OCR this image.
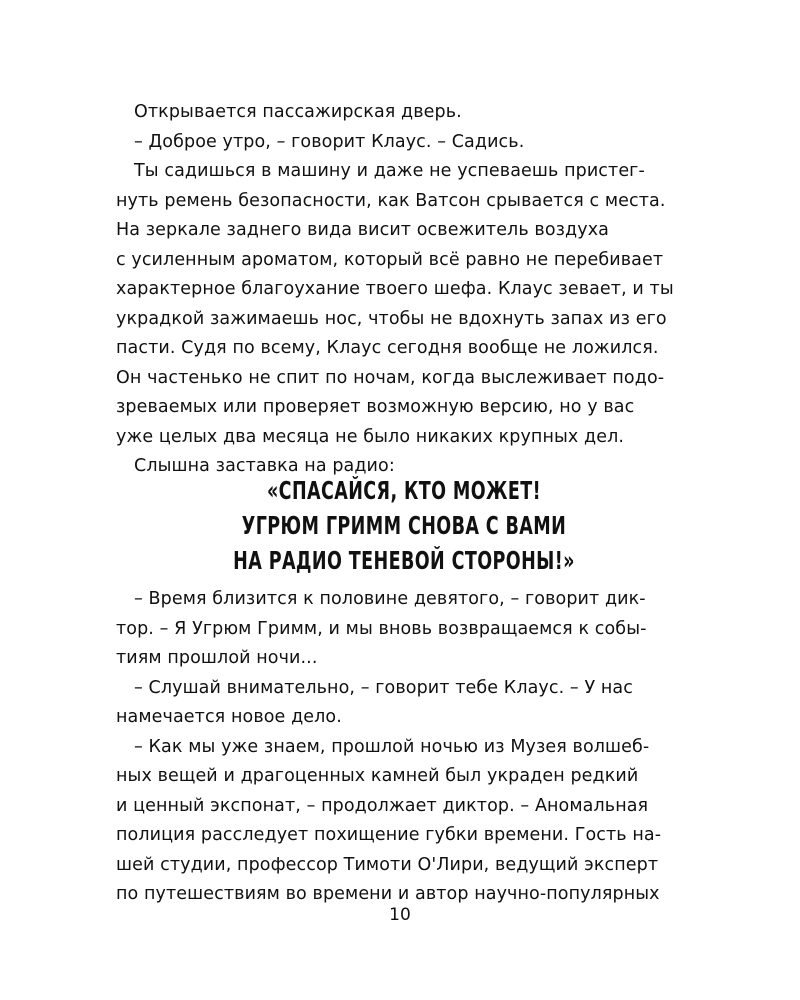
Открывается пассажирская дверь.
– Доброе утро, – говорит Клаус. – Садись.
Ты садишься в машину и даже не успеваешь пристег-
нуть ремень безопасности, как Ватсон срывается с места.
На зеркале заднего вида висит освежитель воздуха
с усиленным ароматом, который всё равно не перебивает
характерное благоухание твоего шефа. Клаус зевает, и ты
украдкой зажимаешь нос, чтобы не вдохнуть запах из его
пасти. Судя по всему, Клаус сегодня вообще не ложился.
Он частенько не спит по ночам, когда выслеживает подо-
зреваемых или проверяет возможную версию, но у вас
уже целых два месяца не было никаких крупных дел.
Слышна заставка на радио:
«СПАСАЙСЯ, КТО МОЖЕТ!
УГРЮМ ГРИММ СНОВА С ВАМИ
НА РАДИО ТЕНЕВОЙ СТОРОНЫ!»
– Время близится к половине девятого, – говорит дик-
тор. – Я Угрюм Гримм, и мы вновь возвращаемся к собы-
тиям прошлой ночи...
– Слушай внимательно, – говорит тебе Клаус. – У нас
намечается новое дело.
– Как мы уже знаем, прошлой ночью из Музея волшеб-
ных вещей и драгоценных камней был украден редкий
и ценный экспонат, – продолжает диктор. – Аномальная
полиция расследует похищение губки времени. Гость на-
шей студии, профессор Тимоти О'Лири, ведущий эксперт
по путешествиям во времени и автор научно-популярных
10
